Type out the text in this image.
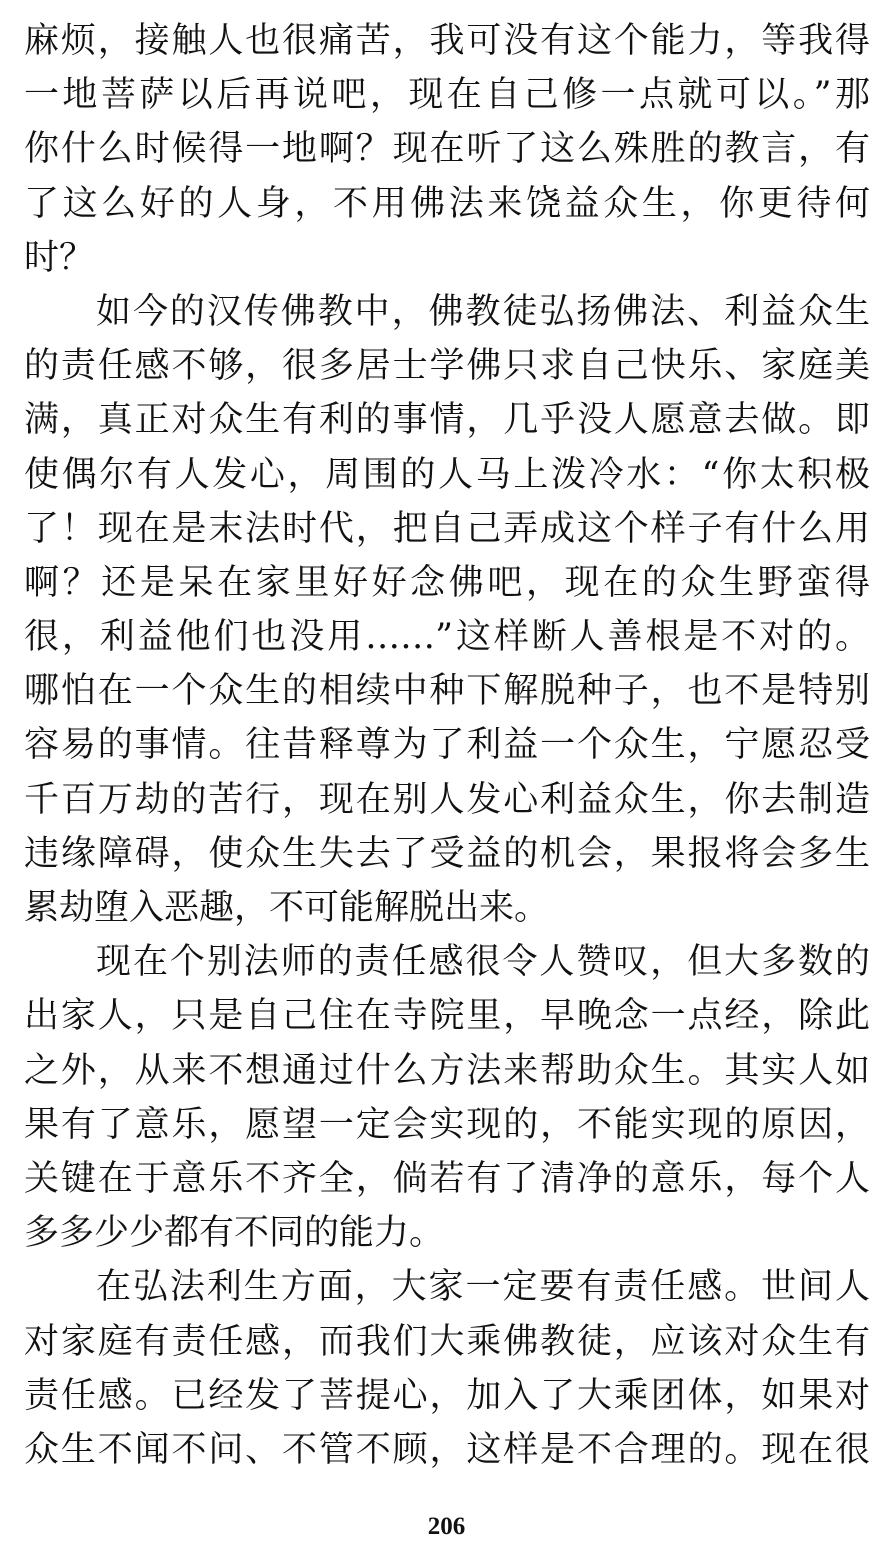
麻烦，接触人也很痛苦，我可没有这个能力，等我得
一地菩萨以后再说吧，现在自己修一点就可以。”那
你什么时候得一地啊？现在听了这么殊胜的教言，有
了这么好的人身，不用佛法来饶益众生，你更待何
时？
如今的汉传佛教中，佛教徒弘扬佛法、利益众生
的责任感不够，很多居士学佛只求自己快乐、家庭美
满，真正对众生有利的事情，几乎没人愿意去做。即
使偶尔有人发心，周围的人马上泼冷水：“你太积极
了！现在是末法时代，把自己弄成这个样子有什么用
啊？还是呆在家里好好念佛吧，现在的众生野蛮得
很，利益他们也没用……”这样断人善根是不对的。
哪怕在一个众生的相续中种下解脱种子，也不是特别
容易的事情。往昔释尊为了利益一个众生，宁愿忍受
千百万劫的苦行，现在别人发心利益众生，你去制造
违缘障碍，使众生失去了受益的机会，果报将会多生
累劫堕入恶趣，不可能解脱出来。
现在个别法师的责任感很令人赞叹，但大多数的
出家人，只是自己住在寺院里，早晚念一点经，除此
之外，从来不想通过什么方法来帮助众生。其实人如
果有了意乐，愿望一定会实现的，不能实现的原因，
关键在于意乐不齐全，倘若有了清净的意乐，每个人
多多少少都有不同的能力。
在弘法利生方面，大家一定要有责任感。世间人
对家庭有责任感，而我们大乘佛教徒，应该对众生有
责任感。已经发了菩提心，加入了大乘团体，如果对
众生不闻不问、不管不顾，这样是不合理的。现在很
206
